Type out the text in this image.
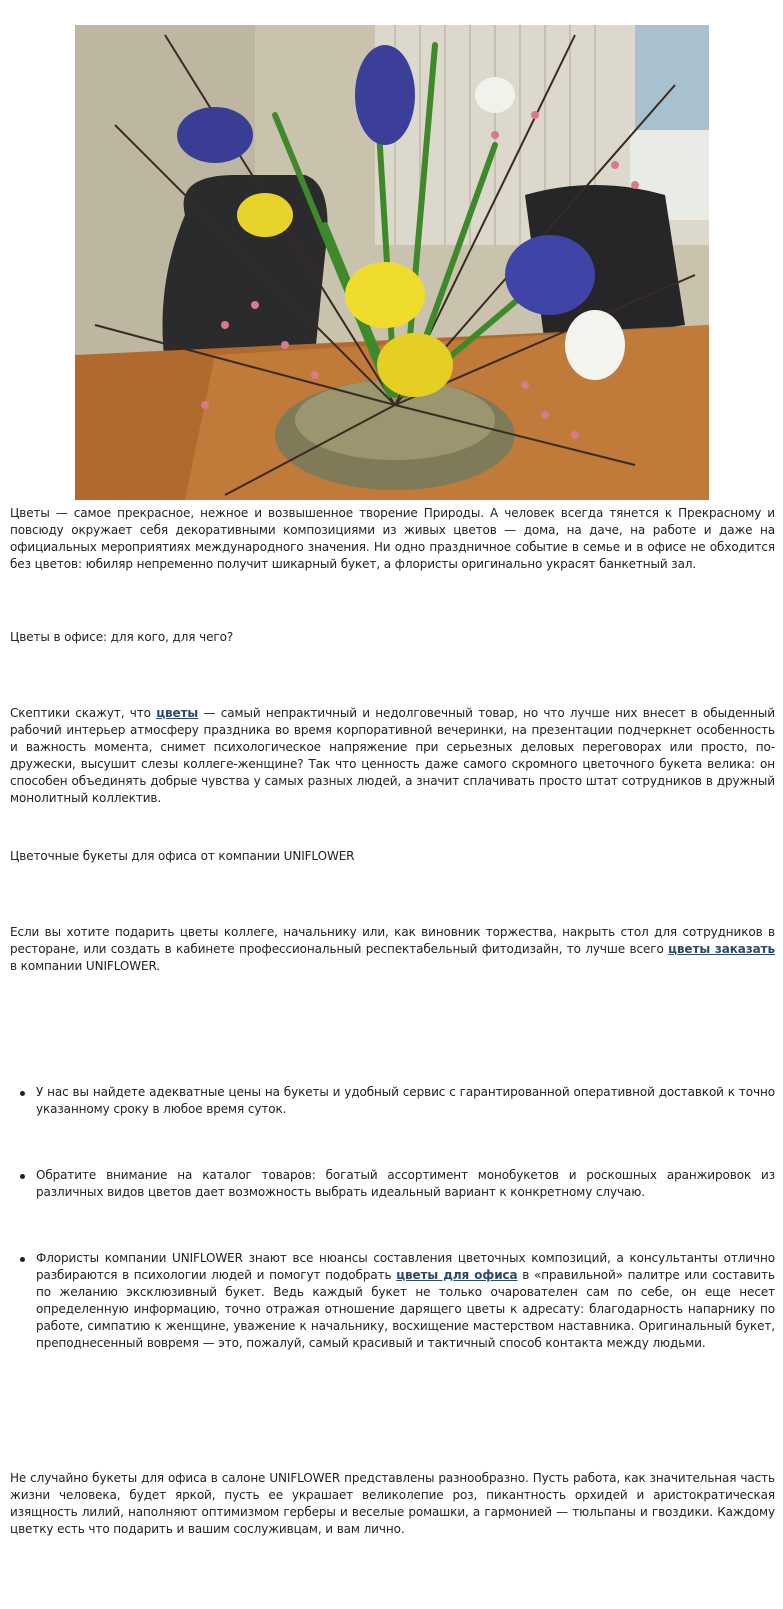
Цветы — самое прекрасное, нежное и возвышенное творение Природы. А человек всегда тянется к Прекрасному и повсюду окружает себя декоративными композициями из живых цветов — дома, на даче, на работе и даже на официальных мероприятиях международного значения. Ни одно праздничное событие в семье и в офисе не обходится без цветов: юбиляр непременно получит шикарный букет, а флористы оригинально украсят банкетный зал.

Цветы в офисе: для кого, для чего?

Скептики скажут, что цветы — самый непрактичный и недолговечный товар, но что лучше них внесет в обыденный рабочий интерьер атмосферу праздника во время корпоративной вечеринки, на презентации подчеркнет особенность и важность момента, снимет психологическое напряжение при серьезных деловых переговорах или просто, по-дружески, высушит слезы коллеге-женщине? Так что ценность даже самого скромного цветочного букета велика: он способен объединять добрые чувства у самых разных людей, а значит сплачивать просто штат сотрудников в дружный монолитный коллектив.

Цветочные букеты для офиса от компании UNIFLOWER

Если вы хотите подарить цветы коллеге, начальнику или, как виновник торжества, накрыть стол для сотрудников в ресторане, или создать в кабинете профессиональный респектабельный фитодизайн, то лучше всего цветы заказать в компании UNIFLOWER.

У нас вы найдете адекватные цены на букеты и удобный сервис с гарантированной оперативной доставкой к точно указанному сроку в любое время суток.

Обратите внимание на каталог товаров: богатый ассортимент монобукетов и роскошных аранжировок из различных видов цветов дает возможность выбрать идеальный вариант к конкретному случаю.

Флористы компании UNIFLOWER знают все нюансы составления цветочных композиций, а консультанты отлично разбираются в психологии людей и помогут подобрать цветы для офиса в «правильной» палитре или составить по желанию эксклюзивный букет. Ведь каждый букет не только очарователен сам по себе, он еще несет определенную информацию, точно отражая отношение дарящего цветы к адресату: благодарность напарнику по работе, симпатию к женщине, уважение к начальнику, восхищение мастерством наставника. Оригинальный букет, преподнесенный вовремя — это, пожалуй, самый красивый и тактичный способ контакта между людьми.

Не случайно букеты для офиса в салоне UNIFLOWER представлены разнообразно. Пусть работа, как значительная часть жизни человека, будет яркой, пусть ее украшает великолепие роз, пикантность орхидей и аристократическая изящность лилий, наполняют оптимизмом герберы и веселые ромашки, а гармонией — тюльпаны и гвоздики. Каждому цветку есть что подарить и вашим сослуживцам, и вам лично.
